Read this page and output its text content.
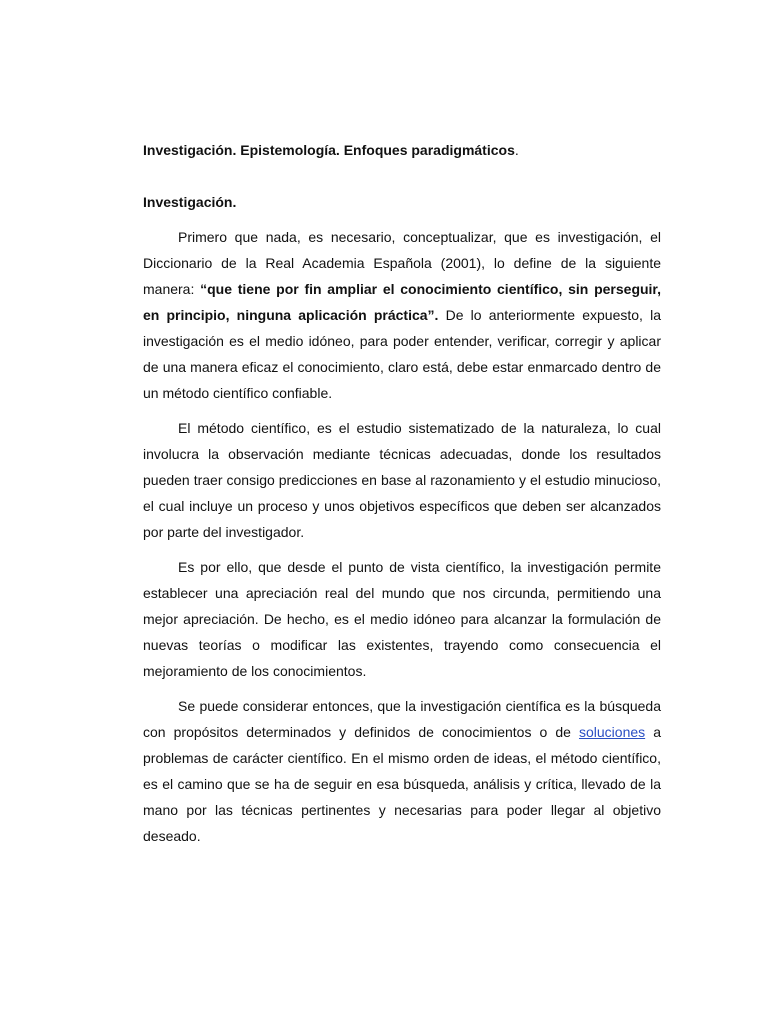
Investigación. Epistemología. Enfoques paradigmáticos.
Investigación.

Primero que nada, es necesario, conceptualizar, que es investigación, el Diccionario de la Real Academia Española (2001), lo define de la siguiente manera: “que tiene por fin ampliar el conocimiento científico, sin perseguir, en principio, ninguna aplicación práctica”. De lo anteriormente expuesto, la investigación es el medio idóneo, para poder entender, verificar, corregir y aplicar de una manera eficaz el conocimiento, claro está, debe estar enmarcado dentro de un método científico confiable.

El método científico, es el estudio sistematizado de la naturaleza, lo cual involucra la observación mediante técnicas adecuadas, donde los resultados pueden traer consigo predicciones en base al razonamiento y el estudio minucioso, el cual incluye un proceso y unos objetivos específicos que deben ser alcanzados por parte del investigador.

Es por ello, que desde el punto de vista científico, la investigación permite establecer una apreciación real del mundo que nos circunda, permitiendo una mejor apreciación. De hecho, es el medio idóneo para alcanzar la formulación de nuevas teorías o modificar las existentes, trayendo como consecuencia el mejoramiento de los conocimientos.

Se puede considerar entonces, que la investigación científica es la búsqueda con propósitos determinados y definidos de conocimientos o de soluciones a problemas de carácter científico. En el mismo orden de ideas, el método científico, es el camino que se ha de seguir en esa búsqueda, análisis y crítica, llevado de la mano por las técnicas pertinentes y necesarias para poder llegar al objetivo deseado.
